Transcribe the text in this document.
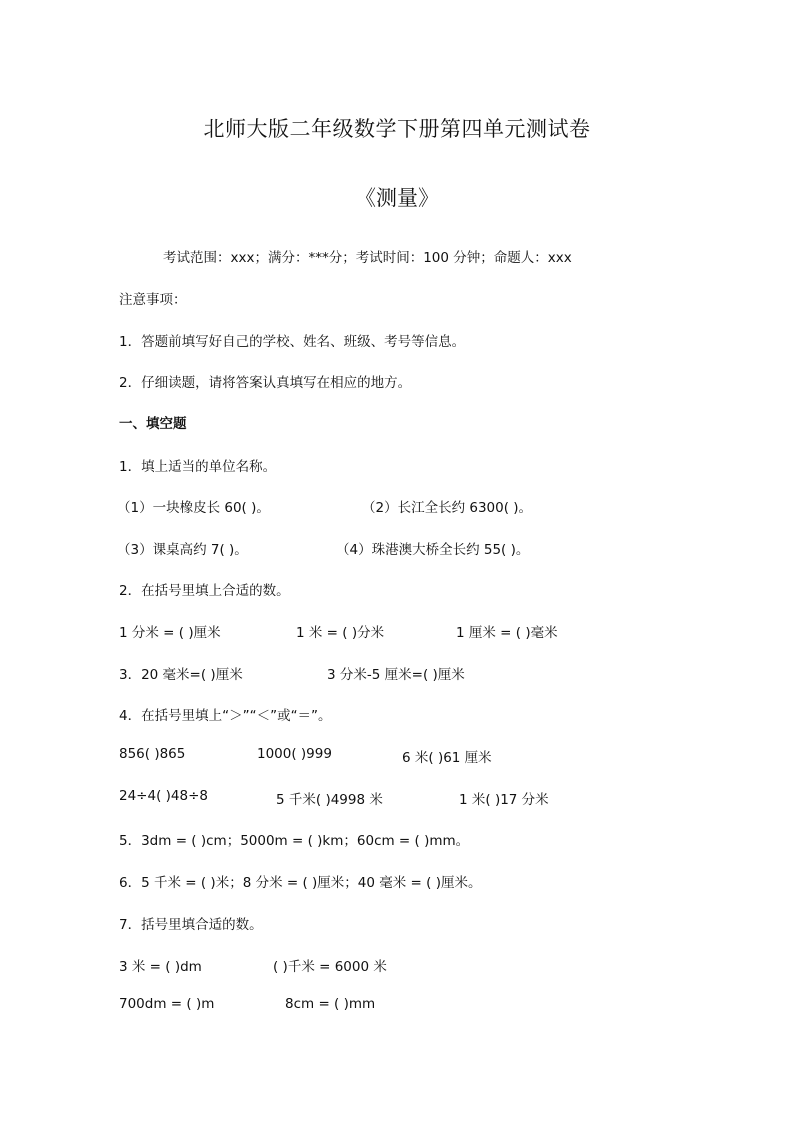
北师大版二年级数学下册第四单元测试卷
《测量》
考试范围：xxx；满分：***分；考试时间：100 分钟；命题人：xxx
注意事项：
1．答题前填写好自己的学校、姓名、班级、考号等信息。
2．仔细读题，请将答案认真填写在相应的地方。
一、填空题
1．填上适当的单位名称。
（1）一块橡皮长 60( )。	（2）长江全长约 6300( )。
（3）课桌高约 7( )。	（4）珠港澳大桥全长约 55( )。
2．在括号里填上合适的数。
1 分米 = ( )厘米	1 米 = ( )分米	1 厘米 = ( )毫米
3．20 毫米=( )厘米	3 分米-5 厘米=( )厘米
4．在括号里填上“＞”“＜”或“＝”。
856( )865	1000( )999	6 米( )61 厘米
24÷4( )48÷8	5 千米( )4998 米	1 米( )17 分米
5．3dm = ( )cm；5000m = ( )km；60cm = ( )mm。
6．5 千米 = ( )米；8 分米 = ( )厘米；40 毫米 = ( )厘米。
7．括号里填合适的数。
3 米 = ( )dm	( )千米 = 6000 米
700dm = ( )m	8cm = ( )mm
